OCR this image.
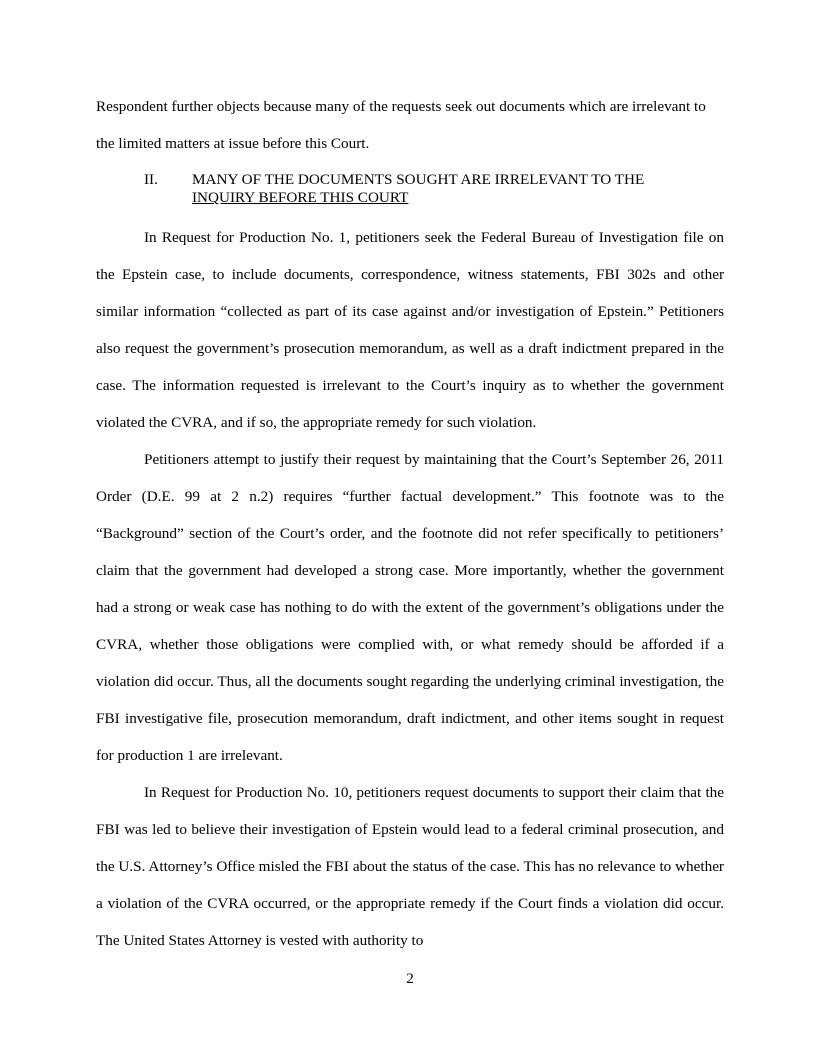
Respondent further objects because many of the requests seek out documents which are irrelevant to the limited matters at issue before this Court.

II.	MANY OF THE DOCUMENTS SOUGHT ARE IRRELEVANT TO THE
INQUIRY BEFORE THIS COURT

In Request for Production No. 1, petitioners seek the Federal Bureau of Investigation file on the Epstein case, to include documents, correspondence, witness statements, FBI 302s and other similar information “collected as part of its case against and/or investigation of Epstein.” Petitioners also request the government’s prosecution memorandum, as well as a draft indictment prepared in the case. The information requested is irrelevant to the Court’s inquiry as to whether the government violated the CVRA, and if so, the appropriate remedy for such violation.

Petitioners attempt to justify their request by maintaining that the Court’s September 26, 2011 Order (D.E. 99 at 2 n.2) requires “further factual development.” This footnote was to the “Background” section of the Court’s order, and the footnote did not refer specifically to petitioners’ claim that the government had developed a strong case. More importantly, whether the government had a strong or weak case has nothing to do with the extent of the government’s obligations under the CVRA, whether those obligations were complied with, or what remedy should be afforded if a violation did occur. Thus, all the documents sought regarding the underlying criminal investigation, the FBI investigative file, prosecution memorandum, draft indictment, and other items sought in request for production 1 are irrelevant.

In Request for Production No. 10, petitioners request documents to support their claim that the FBI was led to believe their investigation of Epstein would lead to a federal criminal prosecution, and the U.S. Attorney’s Office misled the FBI about the status of the case. This has no relevance to whether a violation of the CVRA occurred, or the appropriate remedy if the Court finds a violation did occur. The United States Attorney is vested with authority to

2
